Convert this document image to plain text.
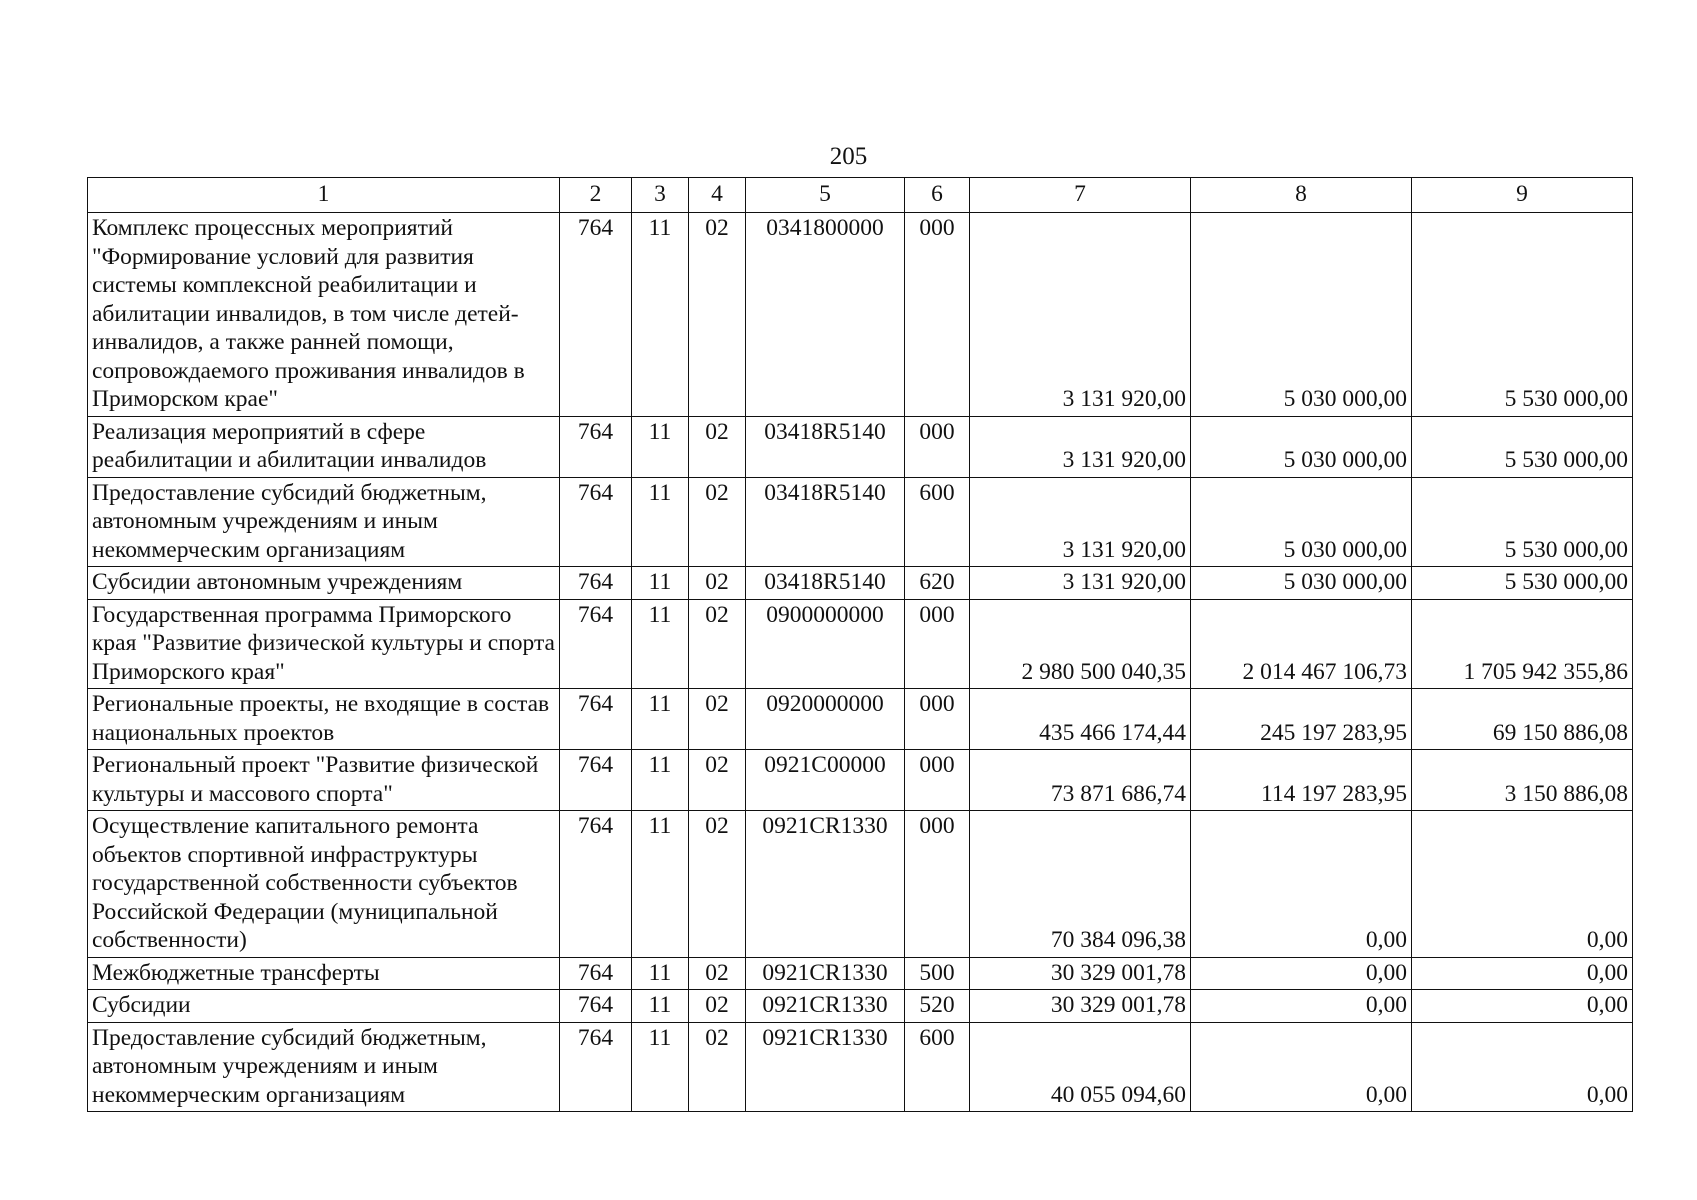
205
1	2	3	4	5	6	7	8	9
Комплекс процессных мероприятий "Формирование условий для развития системы комплексной реабилитации и абилитации инвалидов, в том числе детей-инвалидов, а также ранней помощи, сопровождаемого проживания инвалидов в Приморском крае"	764	11	02	0341800000	000	3 131 920,00	5 030 000,00	5 530 000,00
Реализация мероприятий в сфере реабилитации и абилитации инвалидов	764	11	02	03418R5140	000	3 131 920,00	5 030 000,00	5 530 000,00
Предоставление субсидий бюджетным, автономным учреждениям и иным некоммерческим организациям	764	11	02	03418R5140	600	3 131 920,00	5 030 000,00	5 530 000,00
Субсидии автономным учреждениям	764	11	02	03418R5140	620	3 131 920,00	5 030 000,00	5 530 000,00
Государственная программа Приморского края "Развитие физической культуры и спорта Приморского края"	764	11	02	0900000000	000	2 980 500 040,35	2 014 467 106,73	1 705 942 355,86
Региональные проекты, не входящие в состав национальных проектов	764	11	02	0920000000	000	435 466 174,44	245 197 283,95	69 150 886,08
Региональный проект "Развитие физической культуры и массового спорта"	764	11	02	0921C00000	000	73 871 686,74	114 197 283,95	3 150 886,08
Осуществление капитального ремонта объектов спортивной инфраструктуры государственной собственности субъектов Российской Федерации (муниципальной собственности)	764	11	02	0921CR1330	000	70 384 096,38	0,00	0,00
Межбюджетные трансферты	764	11	02	0921CR1330	500	30 329 001,78	0,00	0,00
Субсидии	764	11	02	0921CR1330	520	30 329 001,78	0,00	0,00
Предоставление субсидий бюджетным, автономным учреждениям и иным некоммерческим организациям	764	11	02	0921CR1330	600	40 055 094,60	0,00	0,00
